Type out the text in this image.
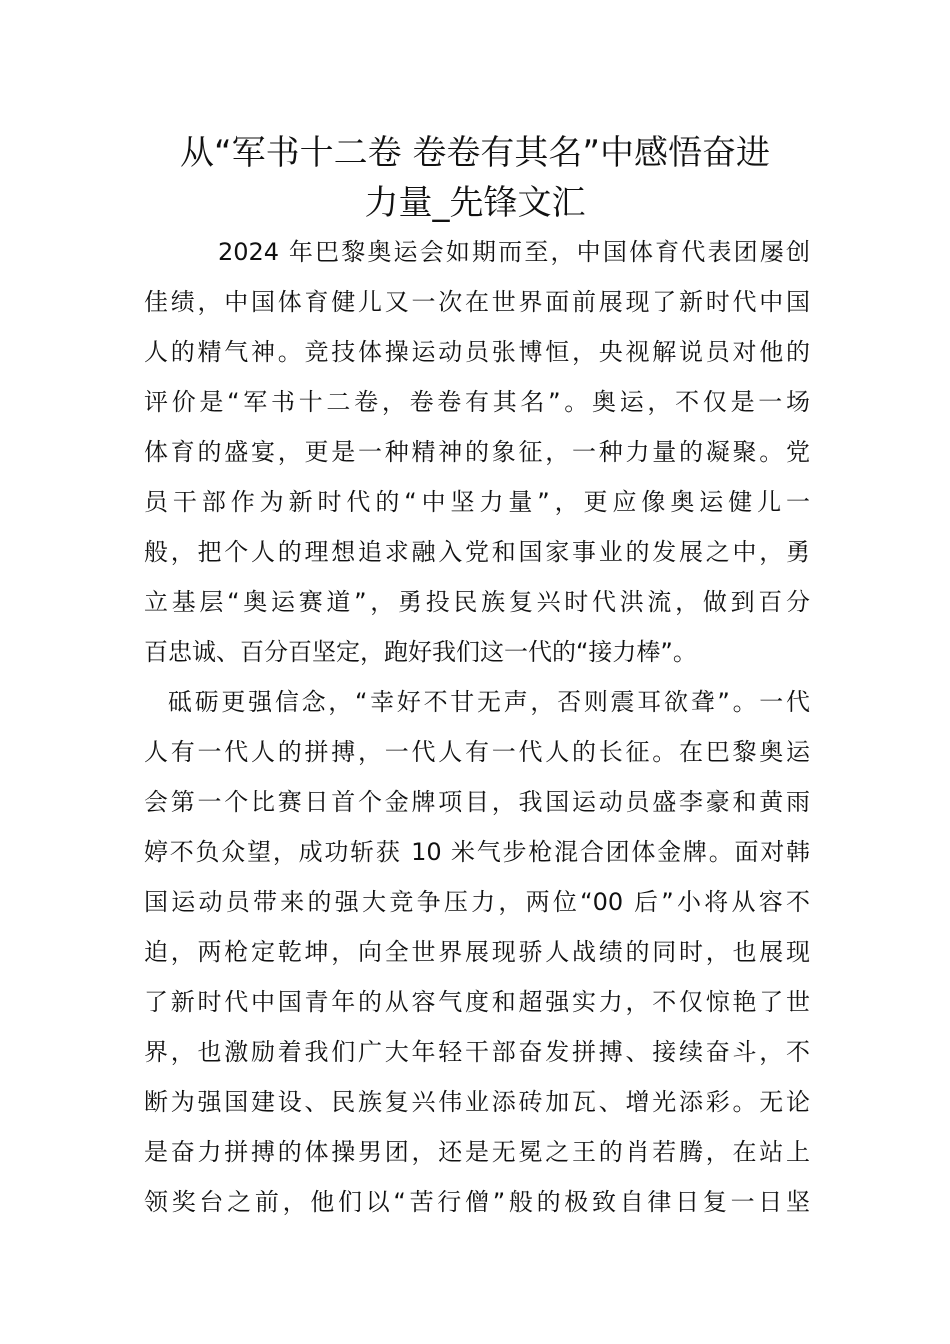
从“军书十二卷 卷卷有其名”中感悟奋进
力量_先锋文汇
2024 年巴黎奥运会如期而至，中国体育代表团屡创
佳绩，中国体育健儿又一次在世界面前展现了新时代中国
人的精气神。竞技体操运动员张博恒，央视解说员对他的
评价是“军书十二卷，卷卷有其名”。奥运，不仅是一场
体育的盛宴，更是一种精神的象征，一种力量的凝聚。党
员干部作为新时代的“中坚力量”，更应像奥运健儿一
般，把个人的理想追求融入党和国家事业的发展之中，勇
立基层“奥运赛道”，勇投民族复兴时代洪流，做到百分
百忠诚、百分百坚定，跑好我们这一代的“接力棒”。
砥砺更强信念，“幸好不甘无声，否则震耳欲聋”。一代
人有一代人的拼搏，一代人有一代人的长征。在巴黎奥运
会第一个比赛日首个金牌项目，我国运动员盛李豪和黄雨
婷不负众望，成功斩获 10 米气步枪混合团体金牌。面对韩
国运动员带来的强大竞争压力，两位“00 后”小将从容不
迫，两枪定乾坤，向全世界展现骄人战绩的同时，也展现
了新时代中国青年的从容气度和超强实力，不仅惊艳了世
界，也激励着我们广大年轻干部奋发拼搏、接续奋斗，不
断为强国建设、民族复兴伟业添砖加瓦、增光添彩。无论
是奋力拼搏的体操男团，还是无冕之王的肖若腾，在站上
领奖台之前，他们以“苦行僧”般的极致自律日复一日坚
